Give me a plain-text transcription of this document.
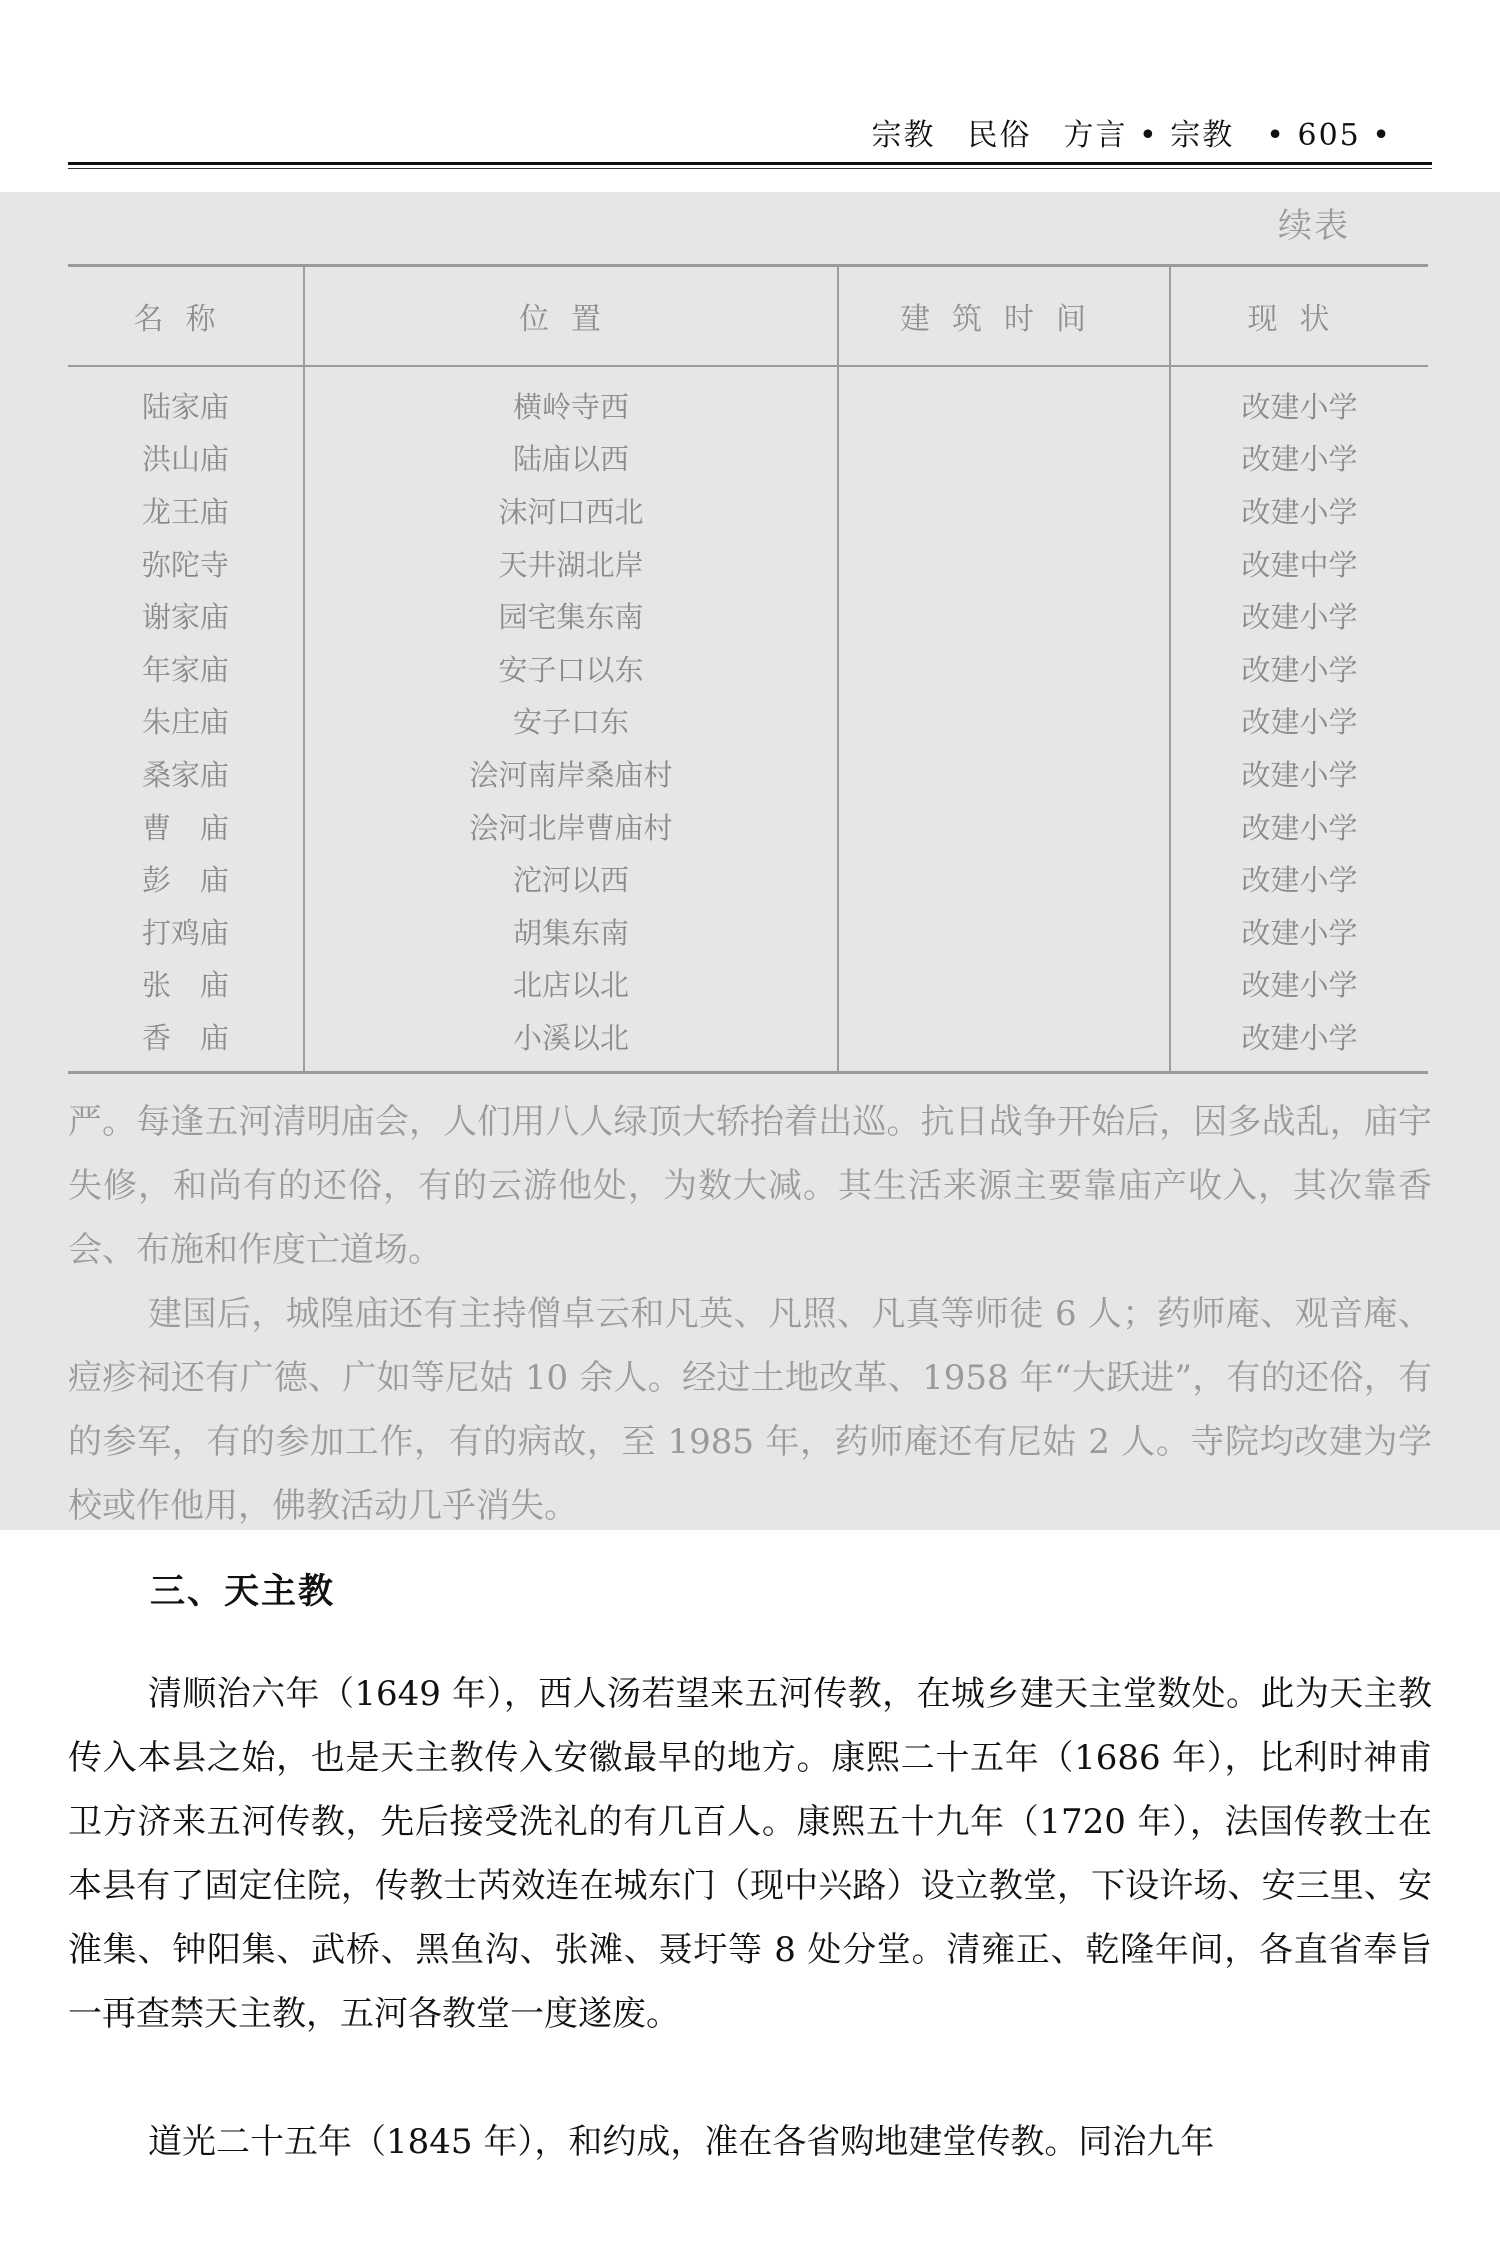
宗教　民俗　方言 • 宗教　• 605 •
续表
名称	位置	建筑时间	现状
陆家庙	横岭寺西		改建小学
洪山庙	陆庙以西		改建小学
龙王庙	沫河口西北		改建小学
弥陀寺	天井湖北岸		改建中学
谢家庙	园宅集东南		改建小学
年家庙	安子口以东		改建小学
朱庄庙	安子口东		改建小学
桑家庙	浍河南岸桑庙村		改建小学
曹　庙	浍河北岸曹庙村		改建小学
彭　庙	沱河以西		改建小学
打鸡庙	胡集东南		改建小学
张　庙	北店以北		改建小学
香　庙	小溪以北		改建小学

严。每逢五河清明庙会，人们用八人绿顶大轿抬着出巡。抗日战争开始后，因多战乱，庙宇失修，和尚有的还俗，有的云游他处，为数大减。其生活来源主要靠庙产收入，其次靠香会、布施和作度亡道场。

建国后，城隍庙还有主持僧卓云和凡英、凡照、凡真等师徒 6 人；药师庵、观音庵、痘疹祠还有广德、广如等尼姑 10 余人。经过土地改革、1958 年“大跃进”，有的还俗，有的参军，有的参加工作，有的病故，至 1985 年，药师庵还有尼姑 2 人。寺院均改建为学校或作他用，佛教活动几乎消失。

三、天主教

清顺治六年（1649 年），西人汤若望来五河传教，在城乡建天主堂数处。此为天主教传入本县之始，也是天主教传入安徽最早的地方。康熙二十五年（1686 年），比利时神甫卫方济来五河传教，先后接受洗礼的有几百人。康熙五十九年（1720 年），法国传教士在本县有了固定住院，传教士芮效连在城东门（现中兴路）设立教堂，下设许场、安三里、安淮集、钟阳集、武桥、黑鱼沟、张滩、聂圩等 8 处分堂。清雍正、乾隆年间，各直省奉旨一再查禁天主教，五河各教堂一度遂废。

道光二十五年（1845 年），和约成，准在各省购地建堂传教。同治九年
